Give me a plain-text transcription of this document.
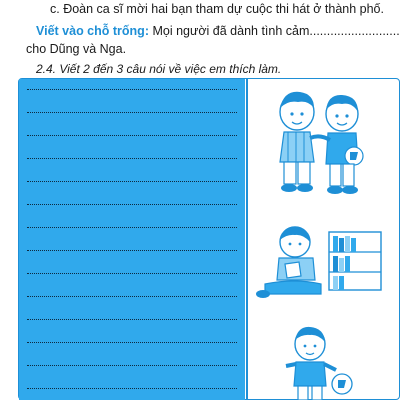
c. Đoàn ca sĩ mời hai bạn tham dự cuộc thi hát ở thành phố.
Viết vào chỗ trống: Mọi người đã dành tình cảm..........................
cho Dũng và Nga.
2.4. Viết 2 đến 3 câu nói về việc em thích làm.
